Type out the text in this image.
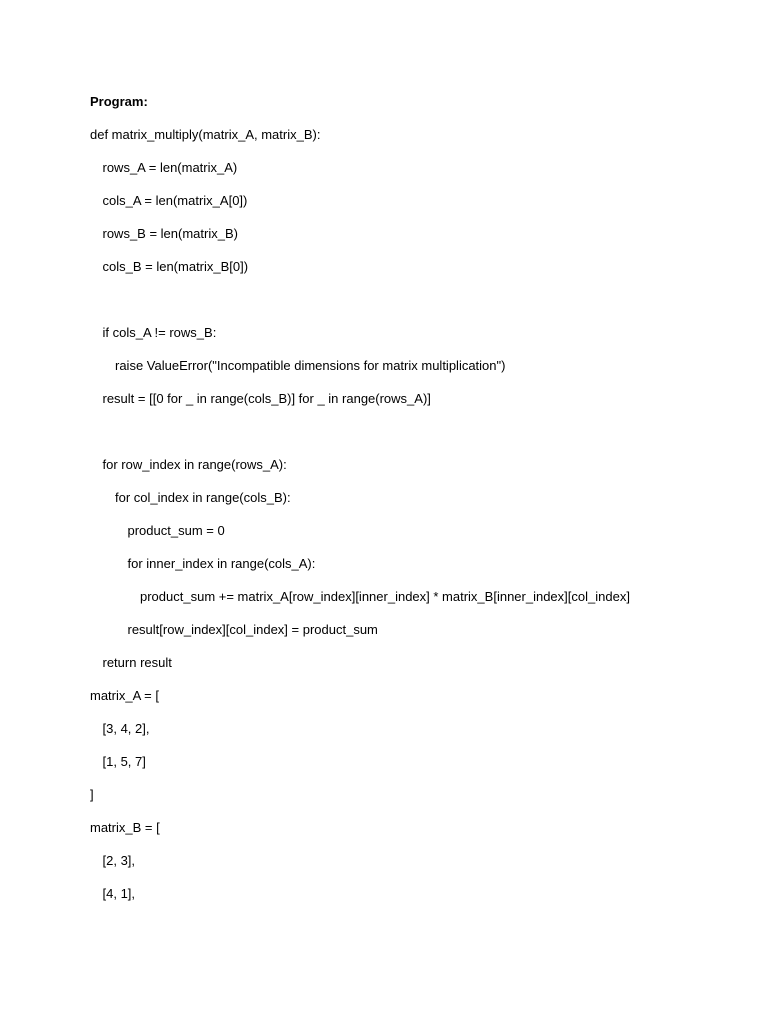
Program:
def matrix_multiply(matrix_A, matrix_B):
rows_A = len(matrix_A)
cols_A = len(matrix_A[0])
rows_B = len(matrix_B)
cols_B = len(matrix_B[0])
if cols_A != rows_B:
raise ValueError("Incompatible dimensions for matrix multiplication")
result = [[0 for _ in range(cols_B)] for _ in range(rows_A)]
for row_index in range(rows_A):
for col_index in range(cols_B):
product_sum = 0
for inner_index in range(cols_A):
product_sum += matrix_A[row_index][inner_index] * matrix_B[inner_index][col_index]
result[row_index][col_index] = product_sum
return result
matrix_A = [
[3, 4, 2],
[1, 5, 7]
]
matrix_B = [
[2, 3],
[4, 1],
